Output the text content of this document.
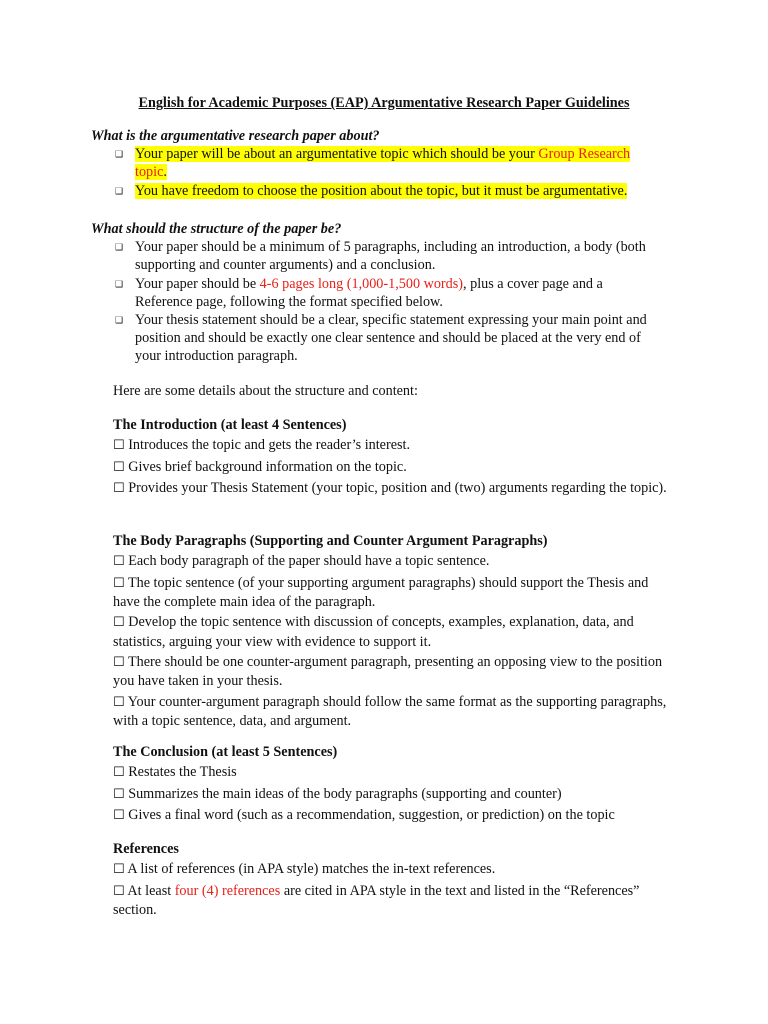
English for Academic Purposes (EAP) Argumentative Research Paper Guidelines
What is the argumentative research paper about?
❑ Your paper will be about an argumentative topic which should be your Group Research topic.
❑ You have freedom to choose the position about the topic, but it must be argumentative.
What should the structure of the paper be?
❑ Your paper should be a minimum of 5 paragraphs, including an introduction, a body (both supporting and counter arguments) and a conclusion.
❑ Your paper should be 4-6 pages long (1,000-1,500 words), plus a cover page and a Reference page, following the format specified below.
❑ Your thesis statement should be a clear, specific statement expressing your main point and position and should be exactly one clear sentence and should be placed at the very end of your introduction paragraph.
Here are some details about the structure and content:
The Introduction (at least 4 Sentences)
☐ Introduces the topic and gets the reader’s interest.
☐ Gives brief background information on the topic.
☐ Provides your Thesis Statement (your topic, position and (two) arguments regarding the topic).
The Body Paragraphs (Supporting and Counter Argument Paragraphs)
☐ Each body paragraph of the paper should have a topic sentence.
☐ The topic sentence (of your supporting argument paragraphs) should support the Thesis and have the complete main idea of the paragraph.
☐ Develop the topic sentence with discussion of concepts, examples, explanation, data, and statistics, arguing your view with evidence to support it.
☐ There should be one counter-argument paragraph, presenting an opposing view to the position you have taken in your thesis.
☐ Your counter-argument paragraph should follow the same format as the supporting paragraphs, with a topic sentence, data, and argument.
The Conclusion (at least 5 Sentences)
☐ Restates the Thesis
☐ Summarizes the main ideas of the body paragraphs (supporting and counter)
☐ Gives a final word (such as a recommendation, suggestion, or prediction) on the topic
References
☐ A list of references (in APA style) matches the in-text references.
☐ At least four (4) references are cited in APA style in the text and listed in the “References” section.
